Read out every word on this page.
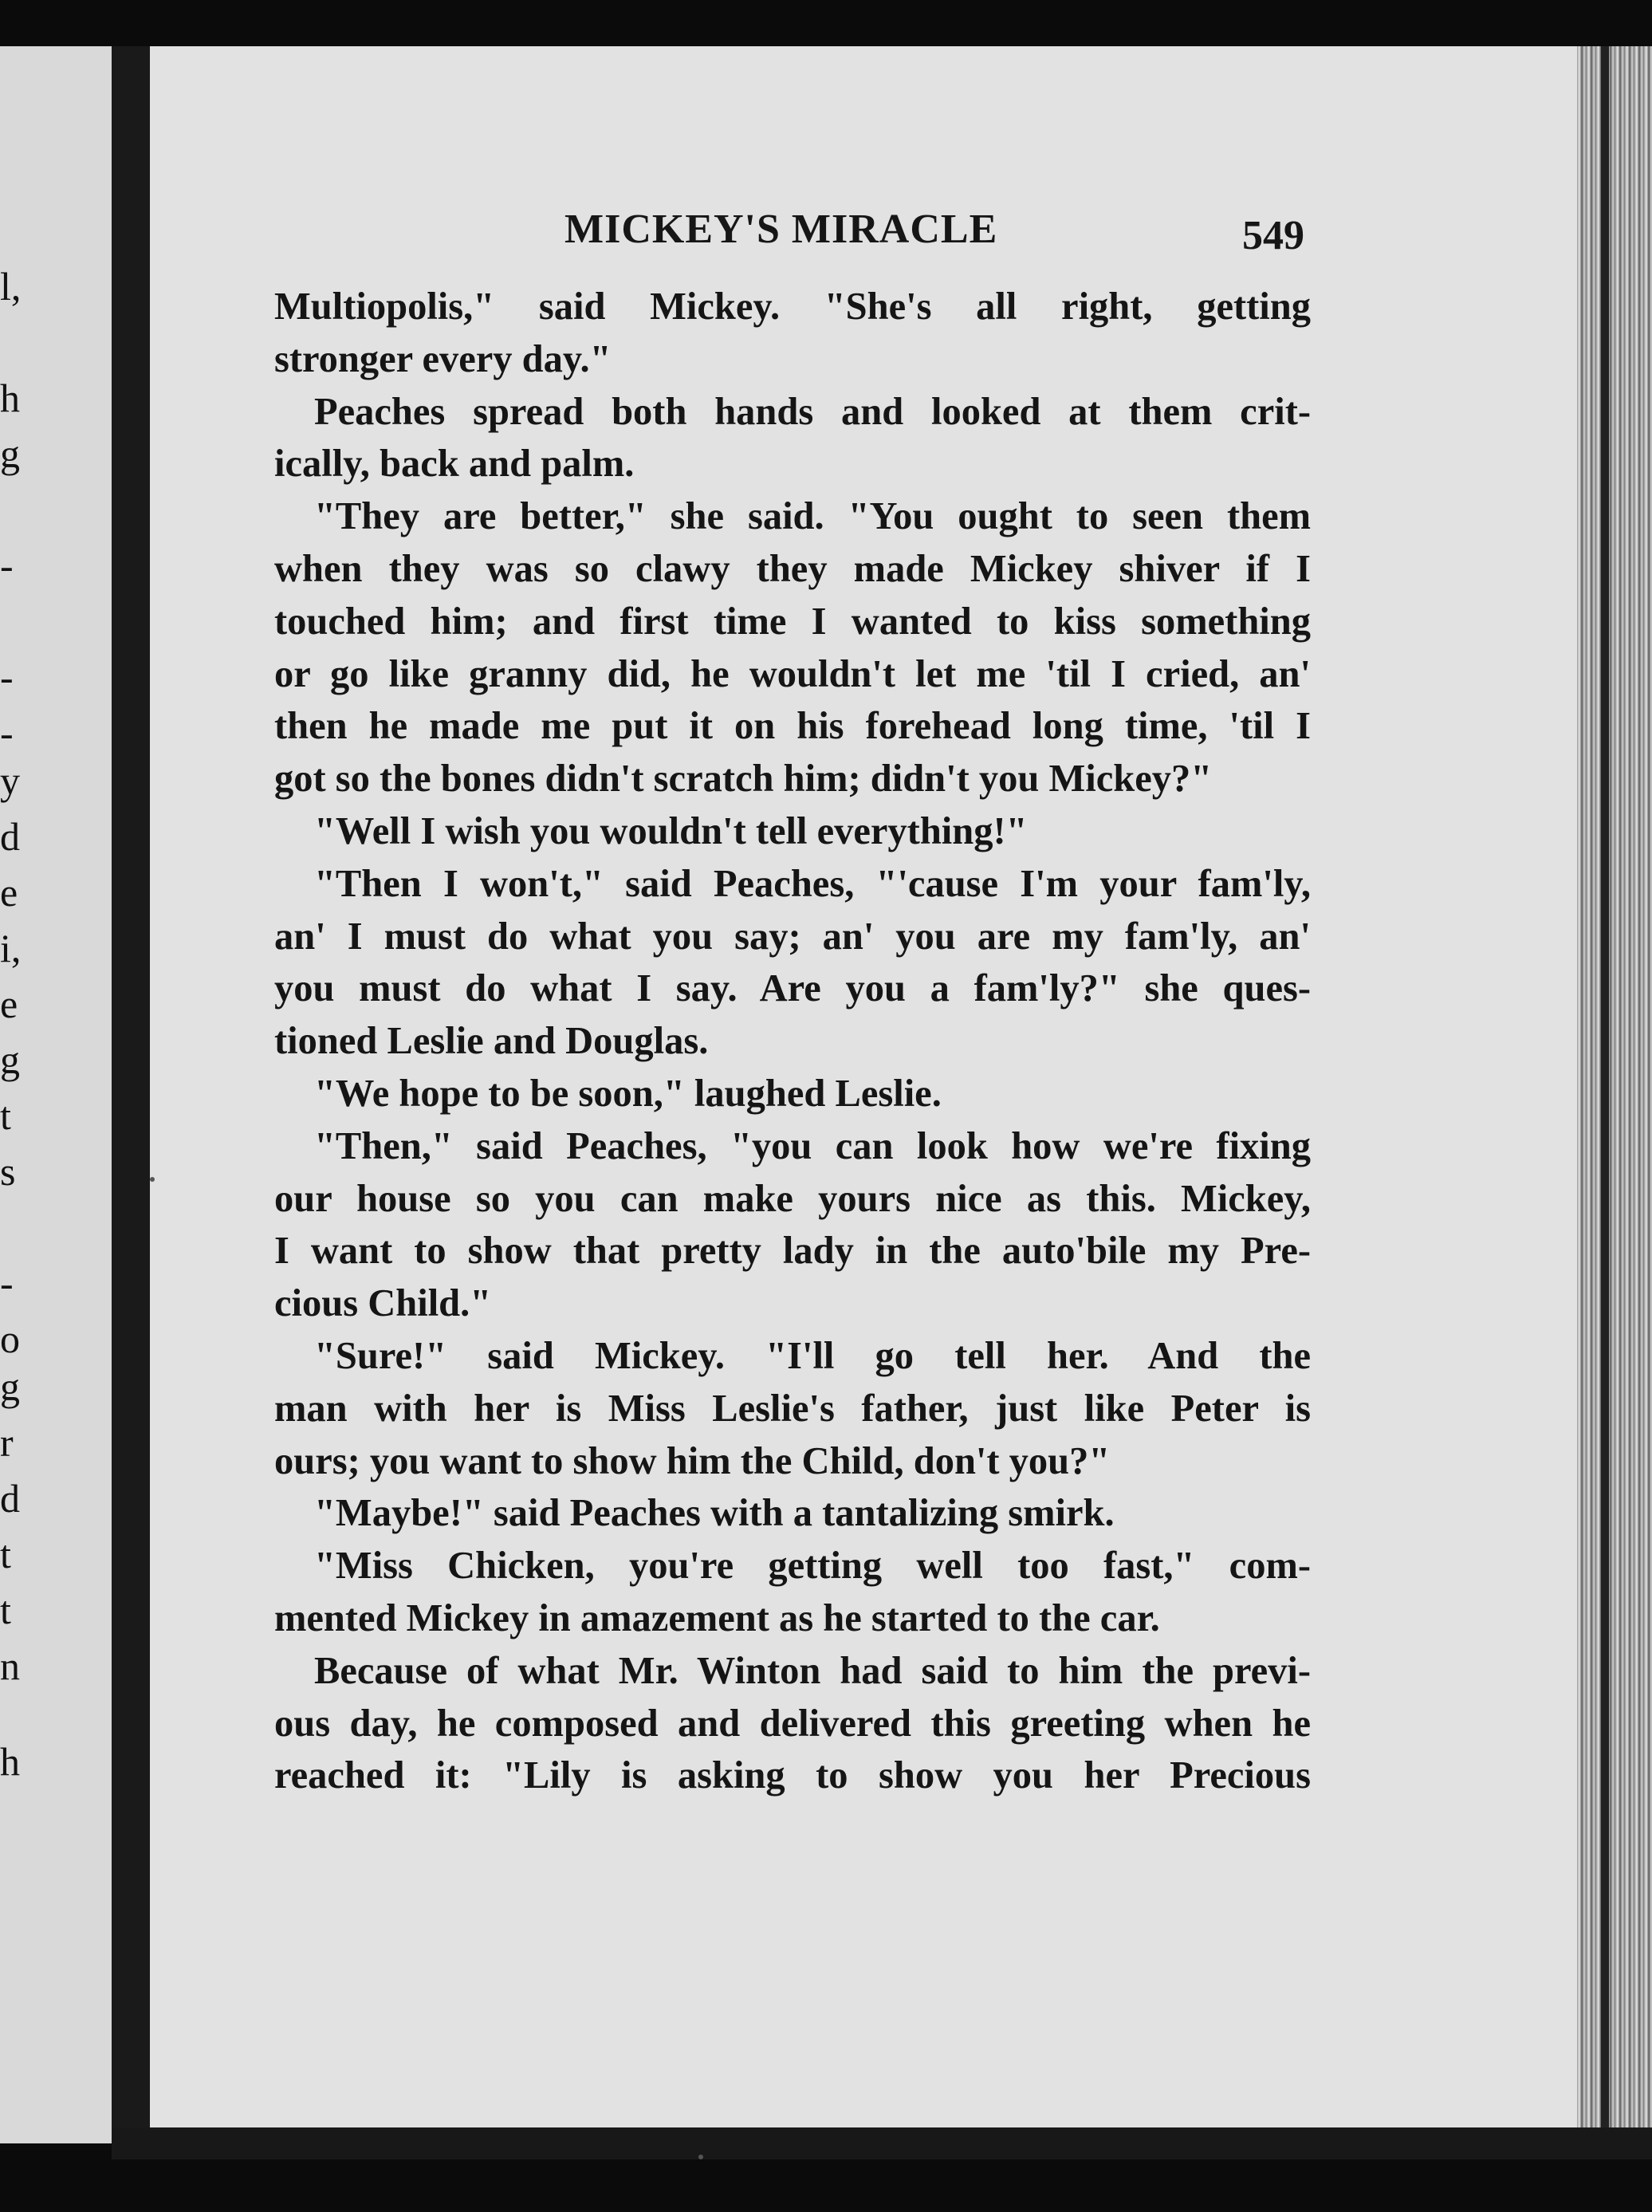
l,
h
g
-
-
-
y
d
e
i,
e
g
t
s
-
o
g
r
d
t
t
n
h
MICKEY'S MIRACLE	549
Multiopolis," said Mickey. "She's all right, getting
stronger every day."
Peaches spread both hands and looked at them crit-
ically, back and palm.
"They are better," she said. "You ought to seen them
when they was so clawy they made Mickey shiver if I
touched him; and first time I wanted to kiss something
or go like granny did, he wouldn't let me 'til I cried, an'
then he made me put it on his forehead long time, 'til I
got so the bones didn't scratch him; didn't you Mickey?"
"Well I wish you wouldn't tell everything!"
"Then I won't," said Peaches, "'cause I'm your fam'ly,
an' I must do what you say; an' you are my fam'ly, an'
you must do what I say. Are you a fam'ly?" she ques-
tioned Leslie and Douglas.
"We hope to be soon," laughed Leslie.
"Then," said Peaches, "you can look how we're fixing
our house so you can make yours nice as this. Mickey,
I want to show that pretty lady in the auto'bile my Pre-
cious Child."
"Sure!" said Mickey. "I'll go tell her. And the
man with her is Miss Leslie's father, just like Peter is
ours; you want to show him the Child, don't you?"
"Maybe!" said Peaches with a tantalizing smirk.
"Miss Chicken, you're getting well too fast," com-
mented Mickey in amazement as he started to the car.
Because of what Mr. Winton had said to him the previ-
ous day, he composed and delivered this greeting when he
reached it: "Lily is asking to show you her Precious
